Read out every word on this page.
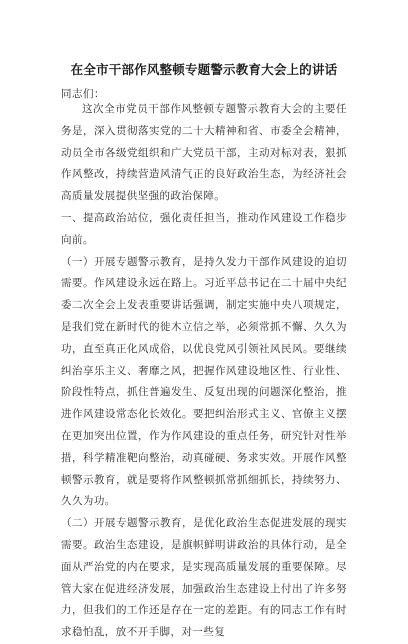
在全市干部作风整顿专题警示教育大会上的讲话
同志们：

这次全市党员干部作风整顿专题警示教育大会的主要任务是，深入贯彻落实党的二十大精神和省、市委全会精神，动员全市各级党组织和广大党员干部，主动对标对表，狠抓作风整改，持续营造风清气正的良好政治生态，为经济社会高质量发展提供坚强的政治保障。

一、提高政治站位，强化责任担当，推动作风建设工作稳步向前。

（一）开展专题警示教育，是持久发力干部作风建设的迫切需要。作风建设永远在路上。习近平总书记在二十届中央纪委二次全会上发表重要讲话强调，制定实施中央八项规定，是我们党在新时代的徙木立信之举，必须常抓不懈、久久为功，直至真正化风成俗，以优良党风引领社风民风。要继续纠治享乐主义、奢靡之风，把握作风建设地区性、行业性、阶段性特点，抓住普遍发生、反复出现的问题深化整治，推进作风建设常态化长效化。要把纠治形式主义、官僚主义摆在更加突出位置，作为作风建设的重点任务，研究针对性举措，科学精准靶向整治，动真碰硬、务求实效。开展作风整顿警示教育，就是要将作风整顿抓常抓细抓长，持续努力、久久为功。

（二）开展专题警示教育，是优化政治生态促进发展的现实需要。政治生态建设，是旗帜鲜明讲政治的具体行动，是全面从严治党的内在要求，是实现高质量发展的重要保障。尽管大家在促进经济发展，加强政治生态建设上付出了许多努力，但我们的工作还是存在一定的差距。有的同志工作有时求稳怕乱，放不开手脚，对一些复
